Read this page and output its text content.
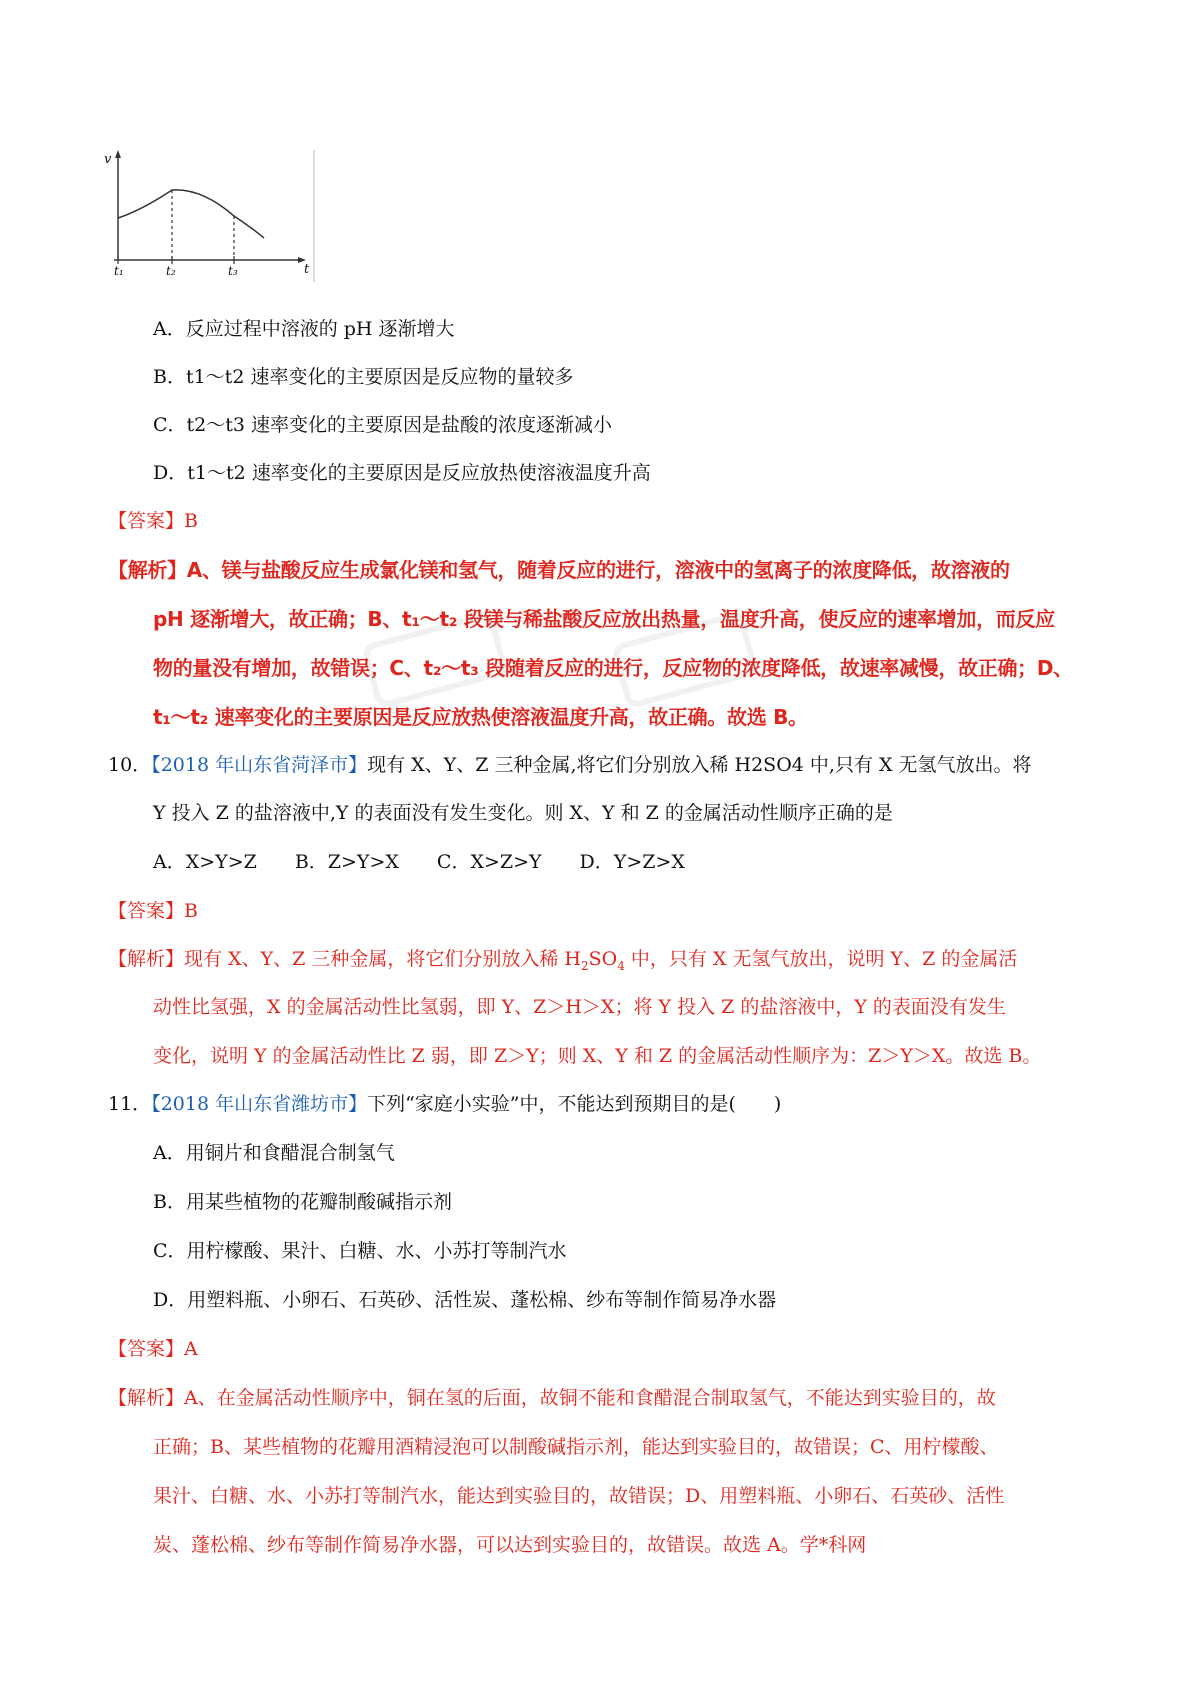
v
t
t₁	t₂	t₃
A．反应过程中溶液的 pH 逐渐增大
B．t1～t2 速率变化的主要原因是反应物的量较多
C．t2～t3 速率变化的主要原因是盐酸的浓度逐渐减小
D．t1～t2 速率变化的主要原因是反应放热使溶液温度升高
【答案】B
【解析】A、镁与盐酸反应生成氯化镁和氢气，随着反应的进行，溶液中的氢离子的浓度降低，故溶液的
pH 逐渐增大，故正确；B、t₁～t₂ 段镁与稀盐酸反应放出热量，温度升高，使反应的速率增加，而反应
物的量没有增加，故错误；C、t₂～t₃ 段随着反应的进行，反应物的浓度降低，故速率减慢，故正确；D、
t₁～t₂ 速率变化的主要原因是反应放热使溶液温度升高，故正确。故选 B。
10．【2018 年山东省菏泽市】现有 X、Y、Z 三种金属,将它们分别放入稀 H2SO4 中,只有 X 无氢气放出。将
Y 投入 Z 的盐溶液中,Y 的表面没有发生变化。则 X、Y 和 Z 的金属活动性顺序正确的是
A．X>Y>Z　　B．Z>Y>X　　C．X>Z>Y　　D．Y>Z>X
【答案】B
【解析】现有 X、Y、Z 三种金属，将它们分别放入稀 $H_2SO_4$ 中，只有 X 无氢气放出，说明 Y、Z 的金属活
动性比氢强，X 的金属活动性比氢弱，即 Y、Z＞H＞X；将 Y 投入 Z 的盐溶液中，Y 的表面没有发生
变化，说明 Y 的金属活动性比 Z 弱，即 Z＞Y；则 X、Y 和 Z 的金属活动性顺序为：Z＞Y＞X。故选 B。
11．【2018 年山东省潍坊市】下列“家庭小实验”中，不能达到预期目的是(　　)
A．用铜片和食醋混合制氢气
B．用某些植物的花瓣制酸碱指示剂
C．用柠檬酸、果汁、白糖、水、小苏打等制汽水
D．用塑料瓶、小卵石、石英砂、活性炭、蓬松棉、纱布等制作简易净水器
【答案】A
【解析】A、在金属活动性顺序中，铜在氢的后面，故铜不能和食醋混合制取氢气，不能达到实验目的，故
正确；B、某些植物的花瓣用酒精浸泡可以制酸碱指示剂，能达到实验目的，故错误；C、用柠檬酸、
果汁、白糖、水、小苏打等制汽水，能达到实验目的，故错误；D、用塑料瓶、小卵石、石英砂、活性
炭、蓬松棉、纱布等制作简易净水器，可以达到实验目的，故错误。故选 A。学*科网
